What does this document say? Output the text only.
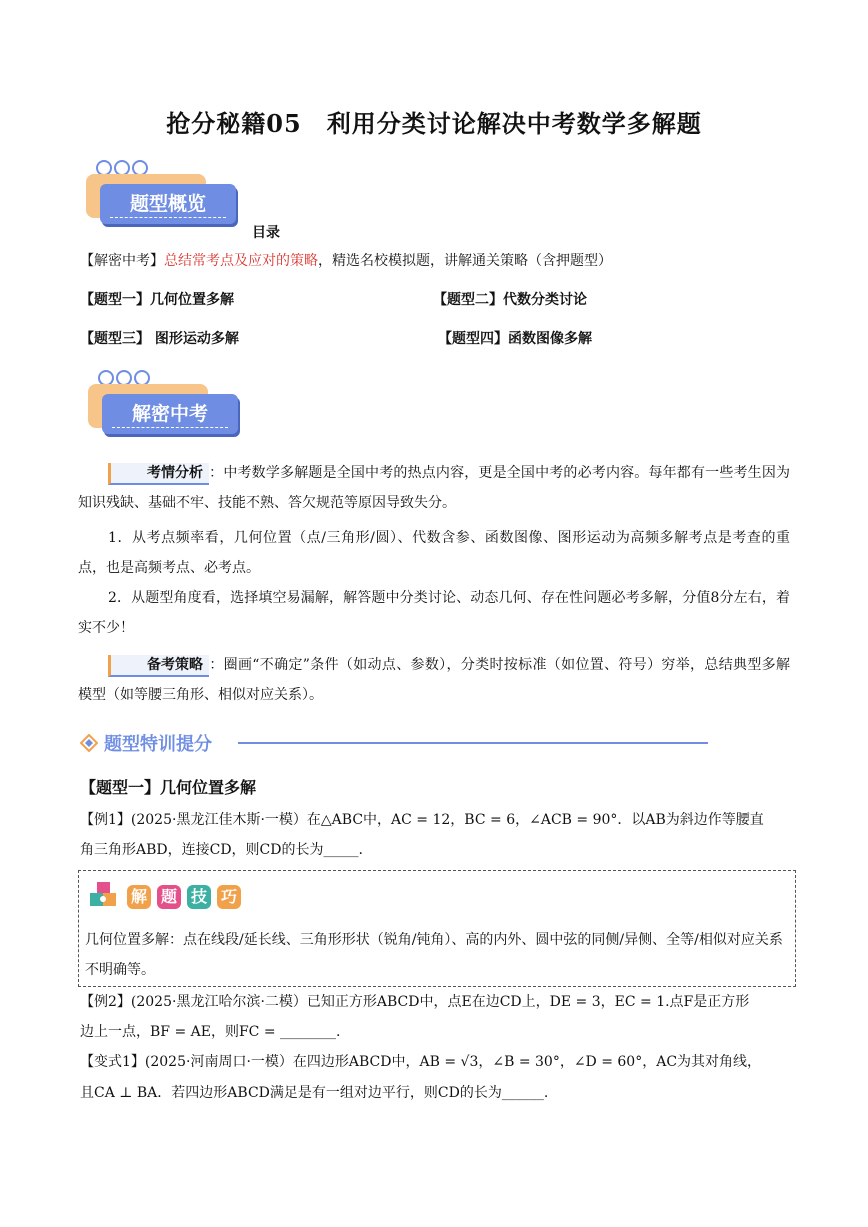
抢分秘籍05　利用分类讨论解决中考数学多解题
题型概览
目录
【解密中考】总结常考点及应对的策略，精选名校模拟题，讲解通关策略（含押题型）
【题型一】几何位置多解	【题型二】代数分类讨论
【题型三】 图形运动多解	【题型四】函数图像多解
解密中考
考情分析 ：中考数学多解题是全国中考的热点内容，更是全国中考的必考内容。每年都有一些考生因为知识残缺、基础不牢、技能不熟、答欠规范等原因导致失分。
1．从考点频率看，几何位置（点/三角形/圆）、代数含参、函数图像、图形运动为高频多解考点是考查的重点，也是高频考点、必考点。
2．从题型角度看，选择填空易漏解，解答题中分类讨论、动态几何、存在性问题必考多解，分值8分左右，着实不少！
备考策略 ：圈画“不确定”条件（如动点、参数），分类时按标准（如位置、符号）穷举，总结典型多解模型（如等腰三角形、相似对应关系）。
题型特训提分
【题型一】几何位置多解
【例1】(2025·黑龙江佳木斯·一模）在△ABC中，AC = 12，BC = 6，∠ACB = 90°．以AB为斜边作等腰直
角三角形ABD，连接CD，则CD的长为_____.
解 题 技 巧
几何位置多解：点在线段/延长线、三角形形状（锐角/钝角）、高的内外、圆中弦的同侧/异侧、全等/相似对应关系不明确等。
【例2】(2025·黑龙江哈尔滨·二模）已知正方形ABCD中，点E在边CD上，DE = 3，EC = 1.点F是正方形
边上一点，BF = AE，则FC = ________.
【变式1】(2025·河南周口·一模）在四边形ABCD中，AB = √3，∠B = 30°，∠D = 60°，AC为其对角线，
且CA ⊥ BA．若四边形ABCD满足是有一组对边平行，则CD的长为______.
